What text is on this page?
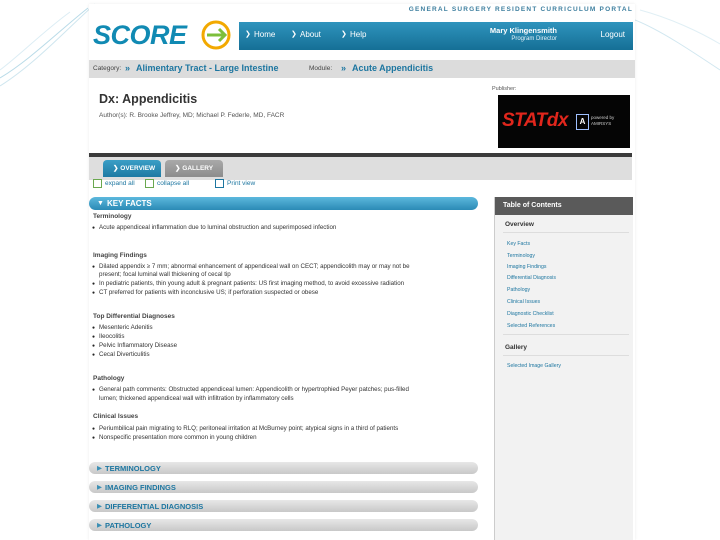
GENERAL SURGERY RESIDENT CURRICULUM PORTAL
SCORE	❯ Home ❯ About	❯ Help	Mary Klingensmith
Program Director	Logout
Category: » Alimentary Tract - Large Intestine	Module: » Acute Appendicitis
Dx: Appendicitis
Author(s): R. Brooke Jeffrey, MD; Michael P. Federle, MD, FACR
Publisher:
STATdx	A	powered by AMIRSYS
❯ OVERVIEW	❯ GALLERY
expand all	collapse all	Print view
▼ KEY FACTS
Terminology
● Acute appendiceal inflammation due to luminal obstruction and superimposed infection
Imaging Findings
● Dilated appendix ≥ 7 mm; abnormal enhancement of appendiceal wall on CECT; appendicolith may or may not be
present; focal luminal wall thickening of cecal tip
● In pediatric patients, thin young adult & pregnant patients: US first imaging method, to avoid excessive radiation
● CT preferred for patients with inconclusive US; if perforation suspected or obese
Top Differential Diagnoses
● Mesenteric Adenitis
● Ileocolitis
● Pelvic Inflammatory Disease
● Cecal Diverticulitis
Pathology
● General path comments: Obstructed appendiceal lumen: Appendicolith or hypertrophied Peyer patches; pus-filled
lumen; thickened appendiceal wall with infiltration by inflammatory cells
Clinical Issues
● Periumbilical pain migrating to RLQ; peritoneal irritation at McBurney point; atypical signs in a third of patients
● Nonspecific presentation more common in young children
▶ TERMINOLOGY
▶ IMAGING FINDINGS
▶ DIFFERENTIAL DIAGNOSIS
▶ PATHOLOGY
Table of Contents
Overview
Key Facts
Terminology
Imaging Findings
Differential Diagnosis
Pathology
Clinical Issues
Diagnostic Checklist
Selected References
Gallery
Selected Image Gallery
